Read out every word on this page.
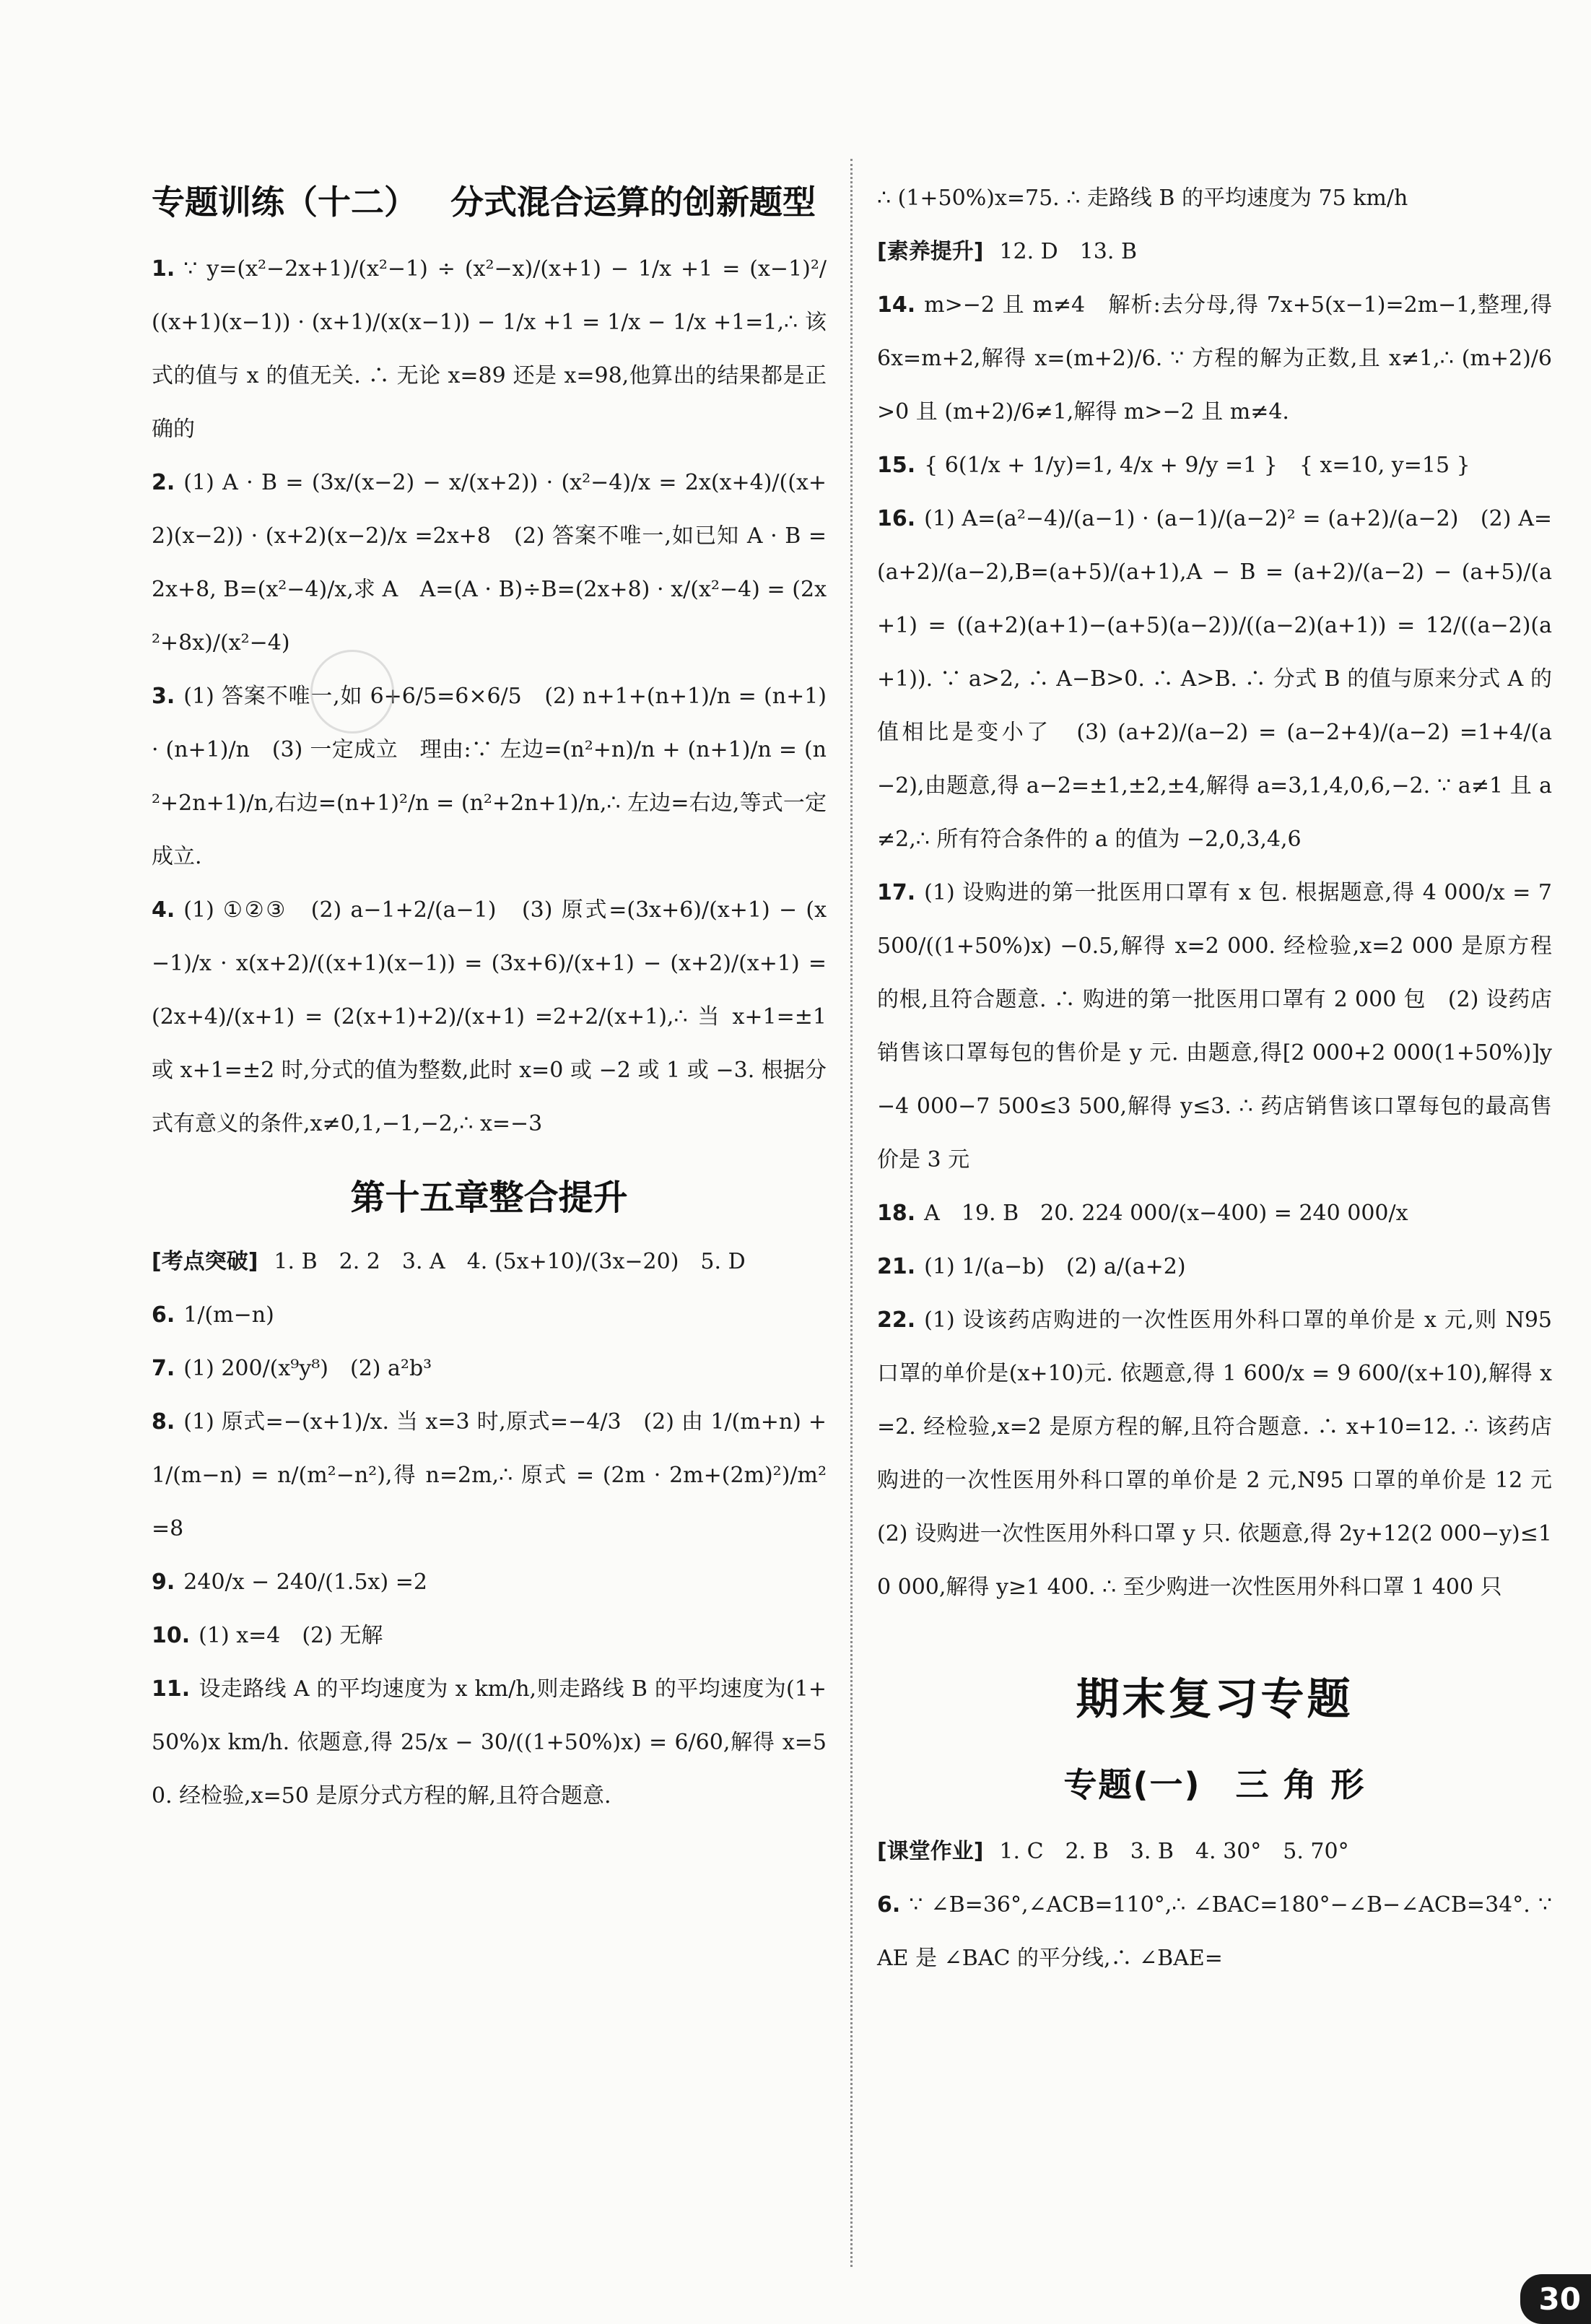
专题训练（十二） 分式混合运算的创新题型

1. ∵ y=(x²−2x+1)/(x²−1) ÷ (x²−x)/(x+1) − 1/x +1 = (x−1)²/((x+1)(x−1)) · (x+1)/(x(x−1)) − 1/x +1 = 1/x − 1/x +1=1,∴ 该式的值与 x 的值无关. ∴ 无论 x=89 还是 x=98,他算出的结果都是正确的

2. (1) A · B = (3x/(x−2) − x/(x+2)) · (x²−4)/x = 2x(x+4)/((x+2)(x−2)) · (x+2)(x−2)/x =2x+8　(2) 答案不唯一,如已知 A · B = 2x+8, B=(x²−4)/x,求 A　A=(A · B)÷B=(2x+8) · x/(x²−4) = (2x²+8x)/(x²−4)

3. (1) 答案不唯一,如 6+6/5=6×6/5　(2) n+1+(n+1)/n = (n+1) · (n+1)/n　(3) 一定成立　理由:∵ 左边=(n²+n)/n + (n+1)/n = (n²+2n+1)/n,右边=(n+1)²/n = (n²+2n+1)/n,∴ 左边=右边,等式一定成立.

4. (1) ①②③　(2) a−1+2/(a−1)　(3) 原式=(3x+6)/(x+1) − (x−1)/x · x(x+2)/((x+1)(x−1)) = (3x+6)/(x+1) − (x+2)/(x+1) = (2x+4)/(x+1) = (2(x+1)+2)/(x+1) =2+2/(x+1),∴ 当 x+1=±1 或 x+1=±2 时,分式的值为整数,此时 x=0 或 −2 或 1 或 −3. 根据分式有意义的条件,x≠0,1,−1,−2,∴ x=−3

第十五章整合提升

[考点突破] 1. B　2. 2　3. A　4. (5x+10)/(3x−20)　5. D

6. 1/(m−n)

7. (1) 200/(x⁹y⁸)　(2) a²b³

8. (1) 原式=−(x+1)/x. 当 x=3 时,原式=−4/3　(2) 由 1/(m+n) + 1/(m−n) = n/(m²−n²),得 n=2m,∴ 原式 = (2m · 2m+(2m)²)/m² =8

9. 240/x − 240/(1.5x) =2

10. (1) x=4　(2) 无解

11. 设走路线 A 的平均速度为 x km/h,则走路线 B 的平均速度为(1+50%)x km/h. 依题意,得 25/x − 30/((1+50%)x) = 6/60,解得 x=50. 经检验,x=50 是原分式方程的解,且符合题意.

∴ (1+50%)x=75. ∴ 走路线 B 的平均速度为 75 km/h

[素养提升] 12. D　13. B

14. m>−2 且 m≠4　解析:去分母,得 7x+5(x−1)=2m−1,整理,得 6x=m+2,解得 x=(m+2)/6. ∵ 方程的解为正数,且 x≠1,∴ (m+2)/6>0 且 (m+2)/6≠1,解得 m>−2 且 m≠4.

15. { 6(1/x + 1/y)=1, 4/x + 9/y =1 }　{ x=10, y=15 }

16. (1) A=(a²−4)/(a−1) · (a−1)/(a−2)² = (a+2)/(a−2)　(2) A=(a+2)/(a−2),B=(a+5)/(a+1),A − B = (a+2)/(a−2) − (a+5)/(a+1) = ((a+2)(a+1)−(a+5)(a−2))/((a−2)(a+1)) = 12/((a−2)(a+1)). ∵ a>2, ∴ A−B>0. ∴ A>B. ∴ 分式 B 的值与原来分式 A 的值相比是变小了　(3) (a+2)/(a−2) = (a−2+4)/(a−2) =1+4/(a−2),由题意,得 a−2=±1,±2,±4,解得 a=3,1,4,0,6,−2. ∵ a≠1 且 a≠2,∴ 所有符合条件的 a 的值为 −2,0,3,4,6

17. (1) 设购进的第一批医用口罩有 x 包. 根据题意,得 4 000/x = 7 500/((1+50%)x) −0.5,解得 x=2 000. 经检验,x=2 000 是原方程的根,且符合题意. ∴ 购进的第一批医用口罩有 2 000 包　(2) 设药店销售该口罩每包的售价是 y 元. 由题意,得[2 000+2 000(1+50%)]y−4 000−7 500≤3 500,解得 y≤3. ∴ 药店销售该口罩每包的最高售价是 3 元

18. A　19. B　20. 224 000/(x−400) = 240 000/x

21. (1) 1/(a−b)　(2) a/(a+2)

22. (1) 设该药店购进的一次性医用外科口罩的单价是 x 元,则 N95 口罩的单价是(x+10)元. 依题意,得 1 600/x = 9 600/(x+10),解得 x=2. 经检验,x=2 是原方程的解,且符合题意. ∴ x+10=12. ∴ 该药店购进的一次性医用外科口罩的单价是 2 元,N95 口罩的单价是 12 元　(2) 设购进一次性医用外科口罩 y 只. 依题意,得 2y+12(2 000−y)≤10 000,解得 y≥1 400. ∴ 至少购进一次性医用外科口罩 1 400 只

期末复习专题
专题(一)　三 角 形

[课堂作业] 1. C　2. B　3. B　4. 30°　5. 70°

6. ∵ ∠B=36°,∠ACB=110°,∴ ∠BAC=180°−∠B−∠ACB=34°. ∵ AE 是 ∠BAC 的平分线,∴ ∠BAE=

30
